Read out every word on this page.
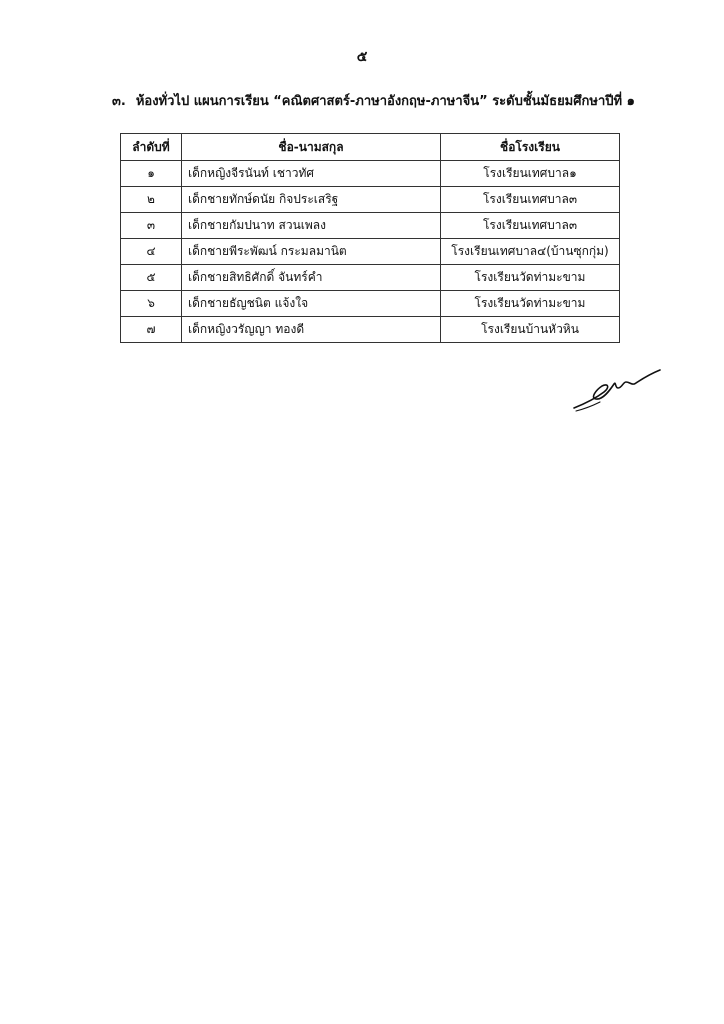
๕
๓. ห้องทั่วไป แผนการเรียน “คณิตศาสตร์-ภาษาอังกฤษ-ภาษาจีน” ระดับชั้นมัธยมศึกษาปีที่ ๑
ลำดับที่	ชื่อ-นามสกุล	ชื่อโรงเรียน
๑	เด็กหญิงจีรนันท์ เชาวทัศ	โรงเรียนเทศบาล๑
๒	เด็กชายทักษ์ดนัย กิจประเสริฐ	โรงเรียนเทศบาล๓
๓	เด็กชายกัมปนาท สวนเพลง	โรงเรียนเทศบาล๓
๔	เด็กชายพีระพัฒน์ กระมลมานิต	โรงเรียนเทศบาล๔(บ้านซุกกุ่ม)
๕	เด็กชายสิทธิศักดิ์ จันทร์คำ	โรงเรียนวัดท่ามะขาม
๖	เด็กชายธัญชนิต แจ้งใจ	โรงเรียนวัดท่ามะขาม
๗	เด็กหญิงวรัญญา ทองดี	โรงเรียนบ้านหัวหิน
